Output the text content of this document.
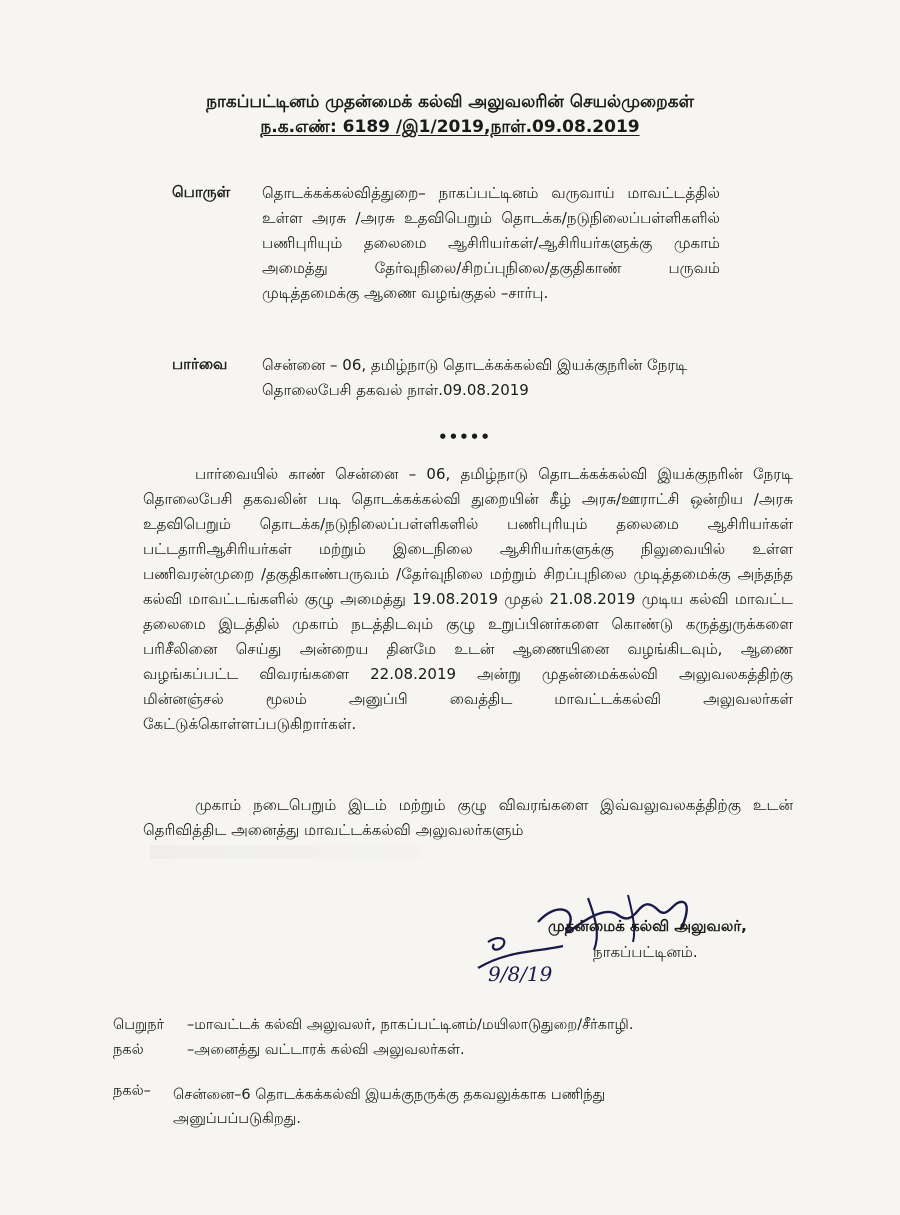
நாகப்பட்டினம் முதன்மைக் கல்வி அலுவலரின் செயல்முறைகள்
ந.க.எண்: 6189 /இ1/2019,நாள்.09.08.2019
பொருள் தொடக்கக்கல்வித்துறை– நாகப்பட்டினம் வருவாய் மாவட்டத்தில் உள்ள அரசு /அரசு உதவிபெறும் தொடக்க/நடுநிலைப்பள்ளிகளில் பணிபுரியும் தலைமை ஆசிரியர்கள்/ஆசிரியர்களுக்கு முகாம் அமைத்து தேர்வுநிலை/சிறப்புநிலை/தகுதிகாண் பருவம் முடித்தமைக்கு ஆணை வழங்குதல் –சார்பு.
பார்வை சென்னை – 06, தமிழ்நாடு தொடக்கக்கல்வி இயக்குநரின் நேரடி தொலைபேசி தகவல் நாள்.09.08.2019
•••••
பார்வையில் காண் சென்னை – 06, தமிழ்நாடு தொடக்கக்கல்வி இயக்குநரின் நேரடி தொலைபேசி தகவலின் படி தொடக்கக்கல்வி துறையின் கீழ் அரசு/ஊராட்சி ஒன்றிய /அரசு உதவிபெறும் தொடக்க/நடுநிலைப்பள்ளிகளில் பணிபுரியும் தலைமை ஆசிரியர்கள் பட்டதாரிஆசிரியர்கள் மற்றும் இடைநிலை ஆசிரியர்களுக்கு நிலுவையில் உள்ள பணிவரன்முறை /தகுதிகாண்பருவம் /தேர்வுநிலை மற்றும் சிறப்புநிலை முடித்தமைக்கு அந்தந்த கல்வி மாவட்டங்களில் குழு அமைத்து 19.08.2019 முதல் 21.08.2019 முடிய கல்வி மாவட்ட தலைமை இடத்தில் முகாம் நடத்திடவும் குழு உறுப்பினர்களை கொண்டு கருத்துருக்களை பரிசீலினை செய்து அன்றைய தினமே உடன் ஆணையினை வழங்கிடவும், ஆணை வழங்கப்பட்ட விவரங்களை 22.08.2019 அன்று முதன்மைக்கல்வி அலுவலகத்திற்கு மின்னஞ்சல் மூலம் அனுப்பி வைத்திட மாவட்டக்கல்வி அலுவலர்கள் கேட்டுக்கொள்ளப்படுகிறார்கள்.
முகாம் நடைபெறும் இடம் மற்றும் குழு விவரங்களை இவ்வலுவலகத்திற்கு உடன் தெரிவித்திட அனைத்து மாவட்டக்கல்வி அலுவலர்களும்
முதன்மைக் கல்வி அலுவலர்,
நாகப்பட்டினம்.
9/8/19
பெறுநர் –மாவட்டக் கல்வி அலுவலர், நாகப்பட்டினம்/மயிலாடுதுறை/சீர்காழி.
நகல்	–அனைத்து வட்டாரக் கல்வி அலுவலர்கள்.
நகல்– சென்னை–6 தொடக்கக்கல்வி இயக்குநருக்கு தகவலுக்காக பணிந்து அனுப்பப்படுகிறது.
